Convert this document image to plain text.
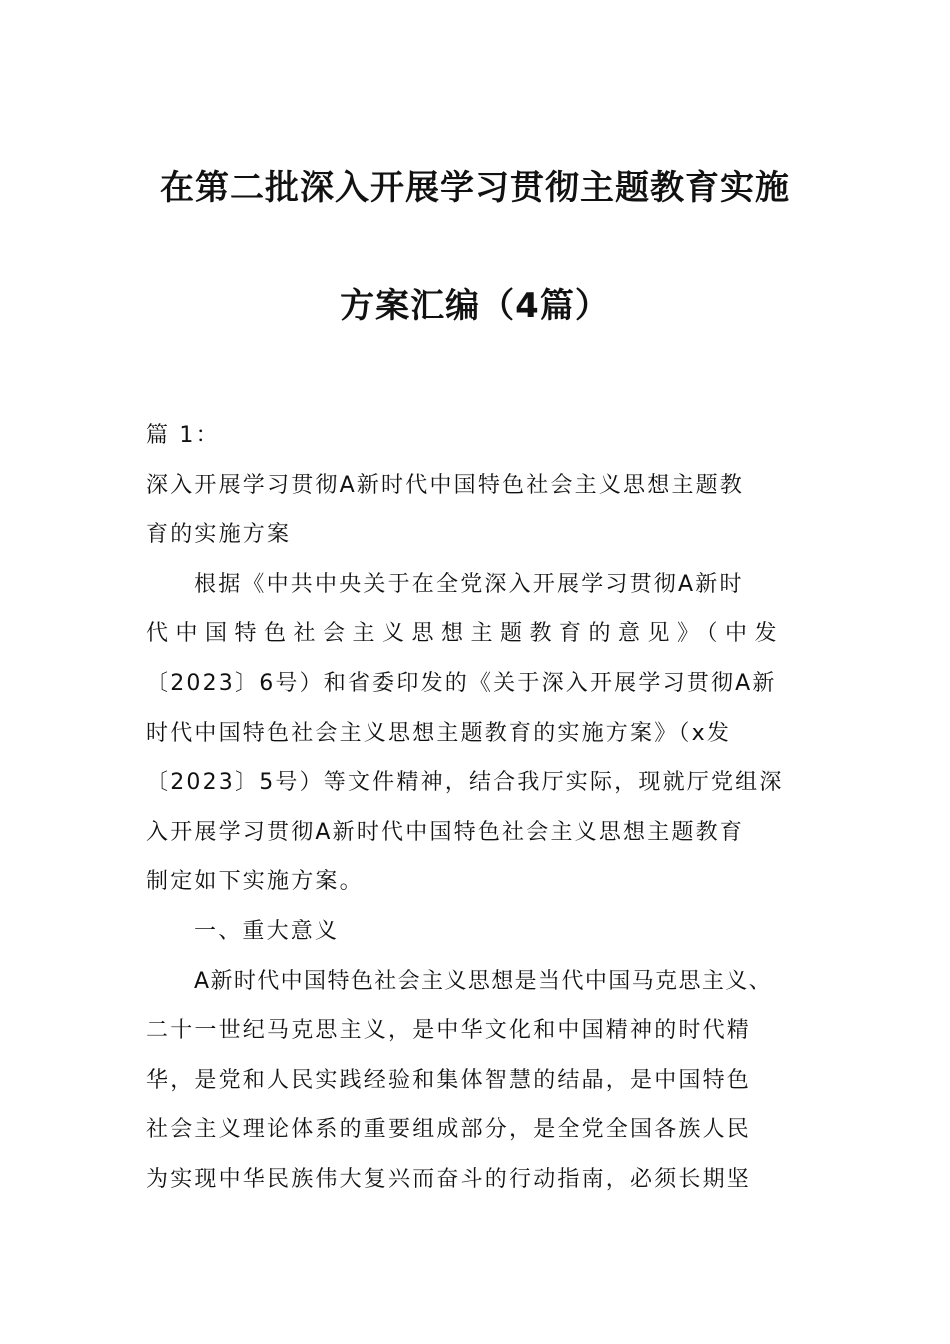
在第二批深入开展学习贯彻主题教育实施
方案汇编（4篇）
篇 1：
深入开展学习贯彻A新时代中国特色社会主义思想主题教
育的实施方案
根据《中共中央关于在全党深入开展学习贯彻A新时
代中国特色社会主义思想主题教育的意见》（中发
〔2023〕6号）和省委印发的《关于深入开展学习贯彻A新
时代中国特色社会主义思想主题教育的实施方案》（x发
〔2023〕5号）等文件精神，结合我厅实际，现就厅党组深
入开展学习贯彻A新时代中国特色社会主义思想主题教育
制定如下实施方案。
一、重大意义
A新时代中国特色社会主义思想是当代中国马克思主义、
二十一世纪马克思主义，是中华文化和中国精神的时代精
华，是党和人民实践经验和集体智慧的结晶，是中国特色
社会主义理论体系的重要组成部分，是全党全国各族人民
为实现中华民族伟大复兴而奋斗的行动指南，必须长期坚
